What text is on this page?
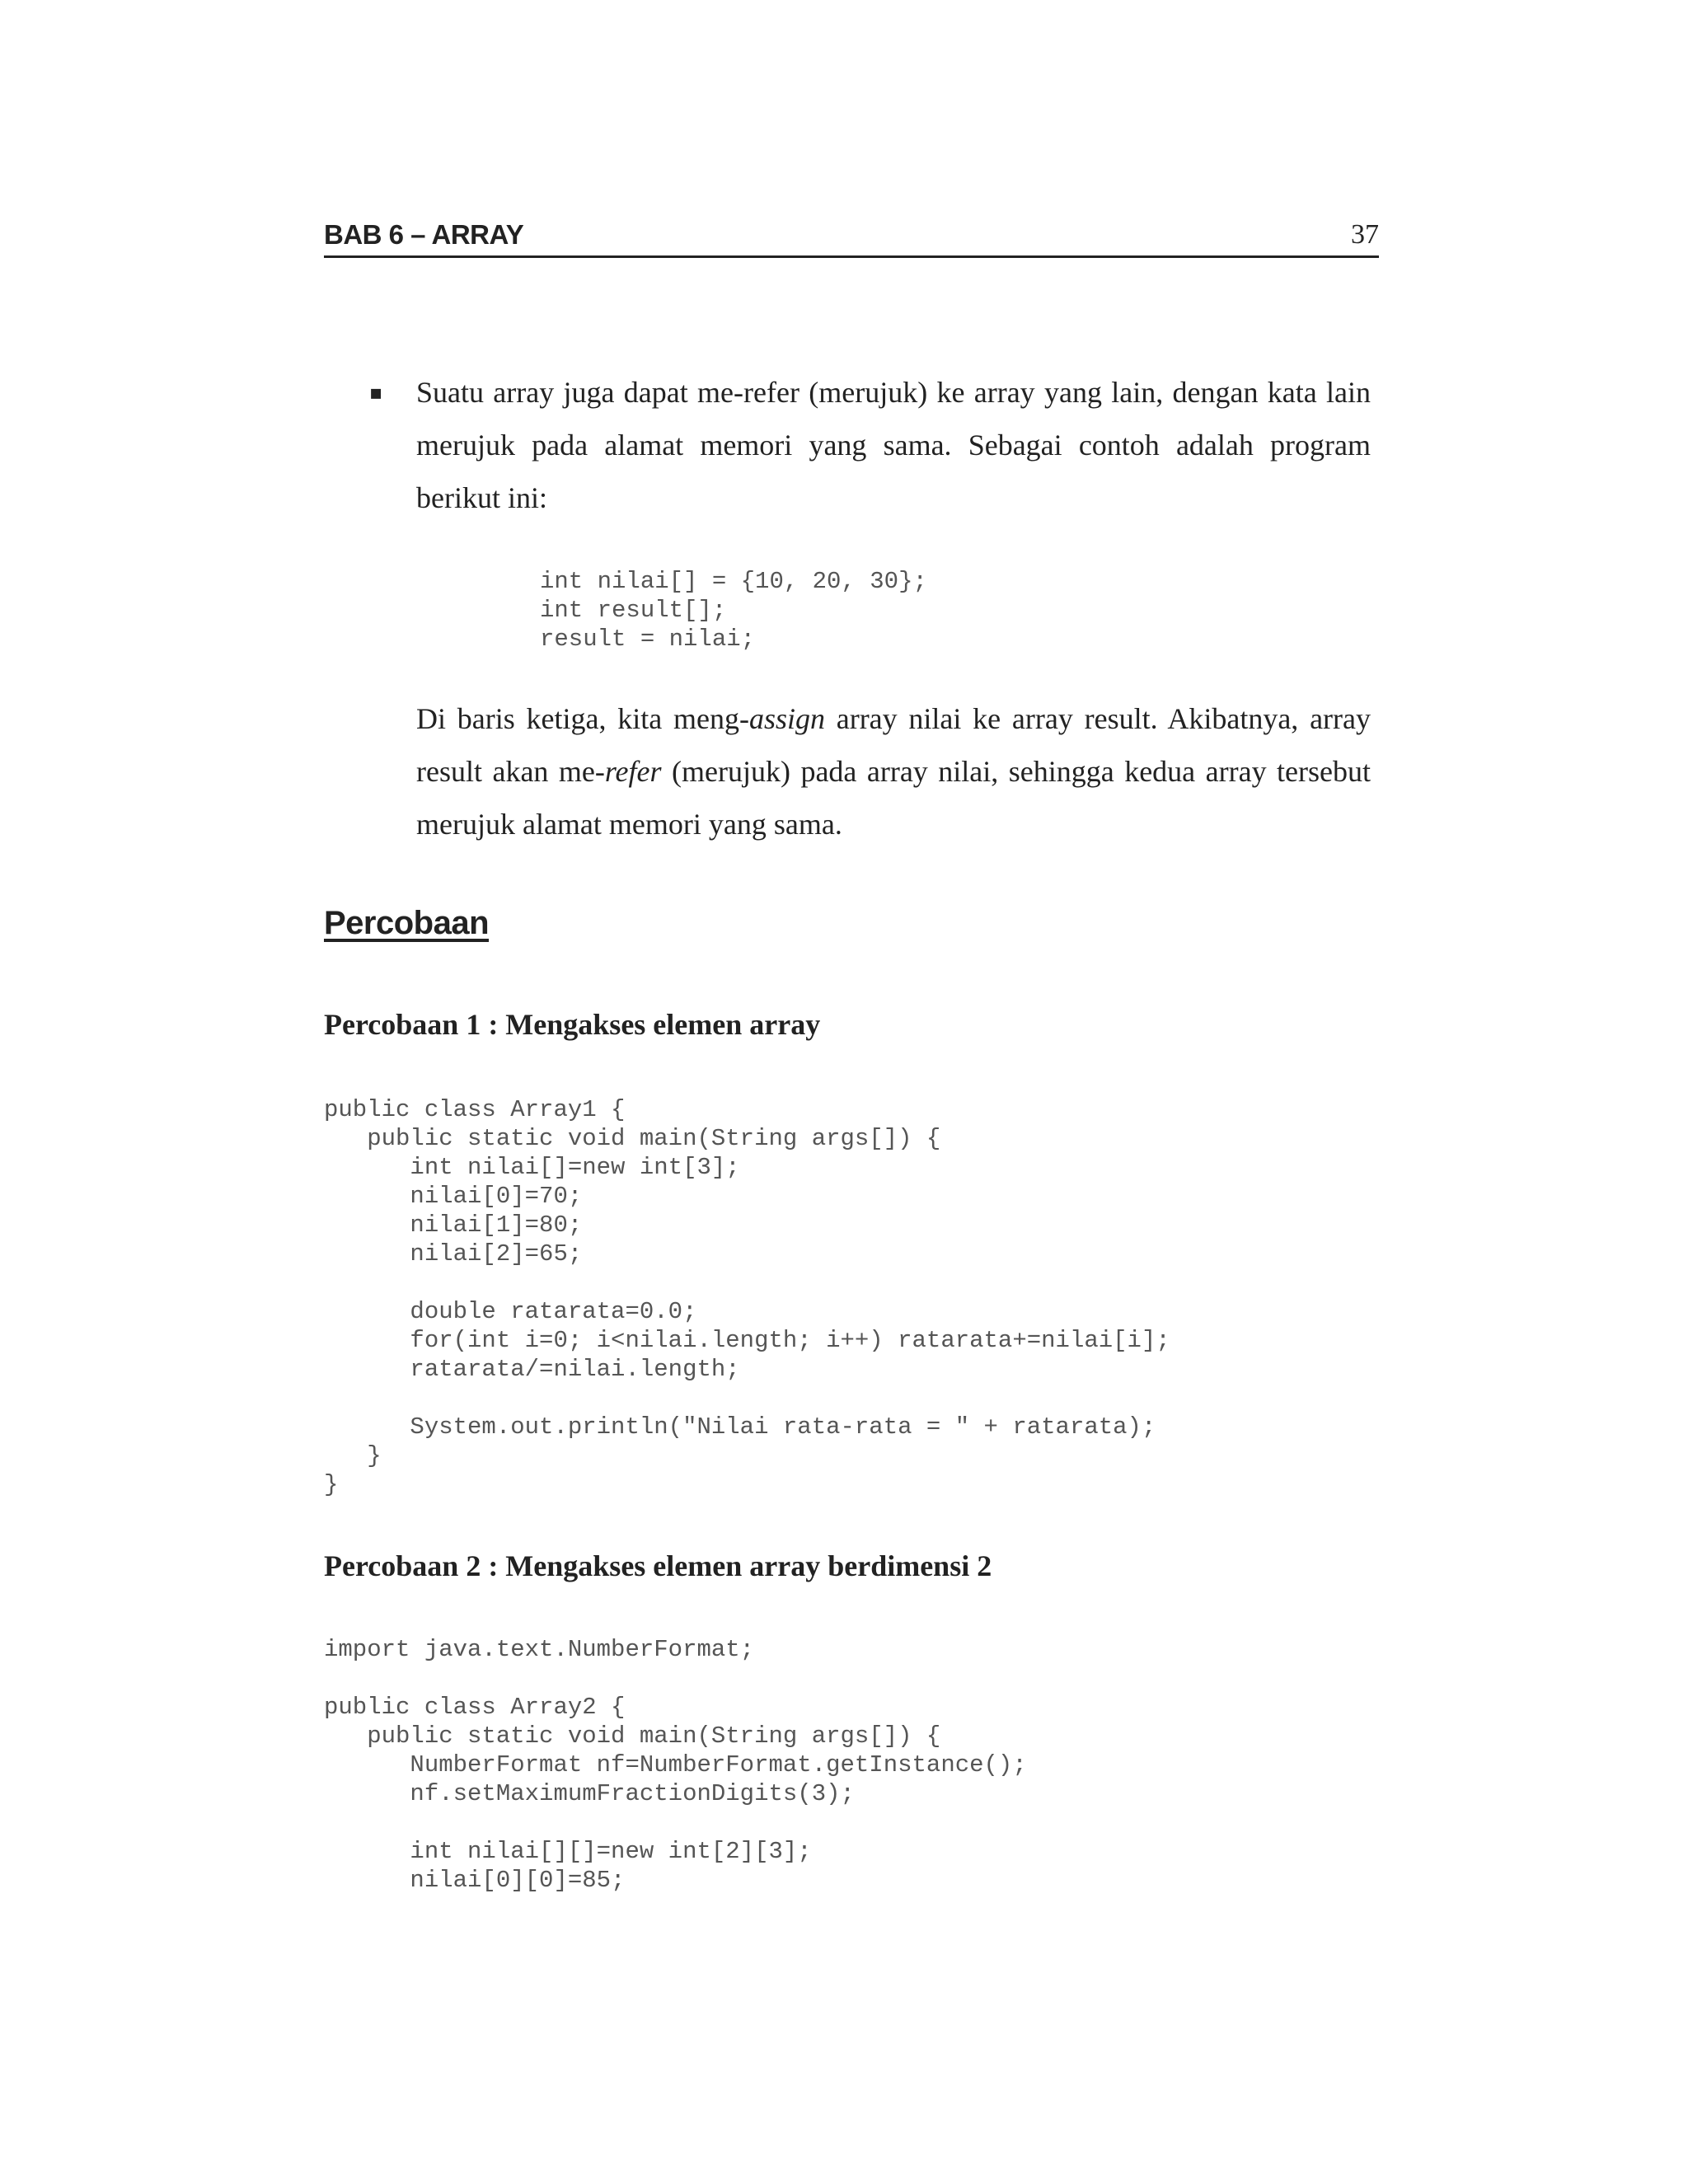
BAB 6 – ARRAY	37
▪ Suatu array juga dapat me-refer (merujuk) ke array yang lain, dengan kata lain merujuk pada alamat memori yang sama. Sebagai contoh adalah program berikut ini:
int nilai[] = {10, 20, 30};
int result[];
result = nilai;
Di baris ketiga, kita meng-assign array nilai ke array result. Akibatnya, array result akan me-refer (merujuk) pada array nilai, sehingga kedua array tersebut merujuk alamat memori yang sama.
Percobaan
Percobaan 1 : Mengakses elemen array
public class Array1 {
public static void main(String args[]) {
int nilai[]=new int[3];
nilai[0]=70;
nilai[1]=80;
nilai[2]=65;

double ratarata=0.0;
for(int i=0; i<nilai.length; i++) ratarata+=nilai[i];
ratarata/=nilai.length;

System.out.println("Nilai rata-rata = " + ratarata);
}
}
Percobaan 2 : Mengakses elemen array berdimensi 2
import java.text.NumberFormat;

public class Array2 {
public static void main(String args[]) {
NumberFormat nf=NumberFormat.getInstance();
nf.setMaximumFractionDigits(3);

int nilai[][]=new int[2][3];
nilai[0][0]=85;
